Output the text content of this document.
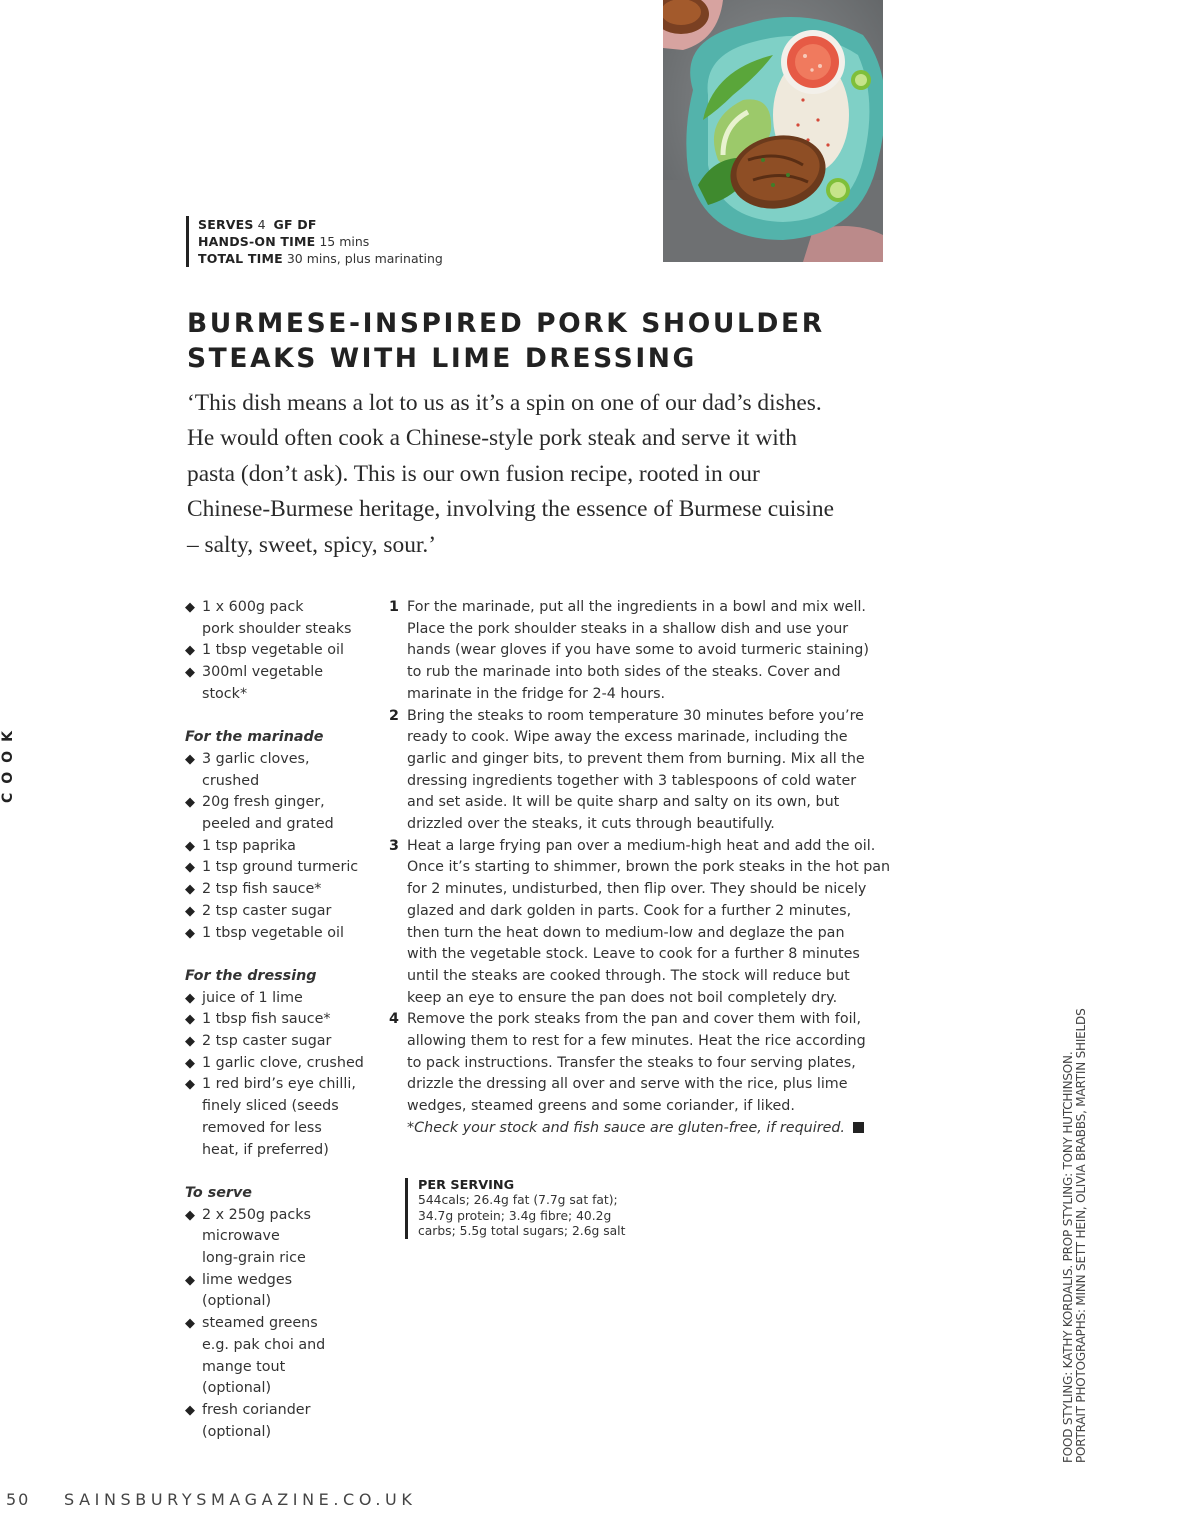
SERVES 4 GF DF
HANDS-ON TIME 15 mins
TOTAL TIME 30 mins, plus marinating
BURMESE-INSPIRED PORK SHOULDER
STEAKS WITH LIME DRESSING
‘This dish means a lot to us as it’s a spin on one of our dad’s dishes.
He would often cook a Chinese-style pork steak and serve it with
pasta (don’t ask). This is our own fusion recipe, rooted in our
Chinese-Burmese heritage, involving the essence of Burmese cuisine
– salty, sweet, spicy, sour.’
◆ 1 x 600g pack
pork shoulder steaks
◆ 1 tbsp vegetable oil
◆ 300ml vegetable
stock*
For the marinade
◆ 3 garlic cloves,
crushed
◆ 20g fresh ginger,
peeled and grated
◆ 1 tsp paprika
◆ 1 tsp ground turmeric
◆ 2 tsp fish sauce*
◆ 2 tsp caster sugar
◆ 1 tbsp vegetable oil
For the dressing
◆ juice of 1 lime
◆ 1 tbsp fish sauce*
◆ 2 tsp caster sugar
◆ 1 garlic clove, crushed
◆ 1 red bird’s eye chilli,
finely sliced (seeds
removed for less
heat, if preferred)
To serve
◆ 2 x 250g packs
microwave
long-grain rice
◆ lime wedges
(optional)
◆ steamed greens
e.g. pak choi and
mange tout
(optional)
◆ fresh coriander
(optional)
1 For the marinade, put all the ingredients in a bowl and mix well.
Place the pork shoulder steaks in a shallow dish and use your
hands (wear gloves if you have some to avoid turmeric staining)
to rub the marinade into both sides of the steaks. Cover and
marinate in the fridge for 2-4 hours.
2 Bring the steaks to room temperature 30 minutes before you’re
ready to cook. Wipe away the excess marinade, including the
garlic and ginger bits, to prevent them from burning. Mix all the
dressing ingredients together with 3 tablespoons of cold water
and set aside. It will be quite sharp and salty on its own, but
drizzled over the steaks, it cuts through beautifully.
3 Heat a large frying pan over a medium-high heat and add the oil.
Once it’s starting to shimmer, brown the pork steaks in the hot pan
for 2 minutes, undisturbed, then flip over. They should be nicely
glazed and dark golden in parts. Cook for a further 2 minutes,
then turn the heat down to medium-low and deglaze the pan
with the vegetable stock. Leave to cook for a further 8 minutes
until the steaks are cooked through. The stock will reduce but
keep an eye to ensure the pan does not boil completely dry.
4 Remove the pork steaks from the pan and cover them with foil,
allowing them to rest for a few minutes. Heat the rice according
to pack instructions. Transfer the steaks to four serving plates,
drizzle the dressing all over and serve with the rice, plus lime
wedges, steamed greens and some coriander, if liked.
*Check your stock and fish sauce are gluten-free, if required.
PER SERVING
544cals; 26.4g fat (7.7g sat fat);
34.7g protein; 3.4g fibre; 40.2g
carbs; 5.5g total sugars; 2.6g salt
COOK
FOOD STYLING: KATHY KORDALIS. PROP STYLING: TONY HUTCHINSON. PORTRAIT PHOTOGRAPHS: MINN SETT HEIN, OLIVIA BRABBS, MARTIN SHIELDS
50 SAINSBURYSMAGAZINE.CO.UK
